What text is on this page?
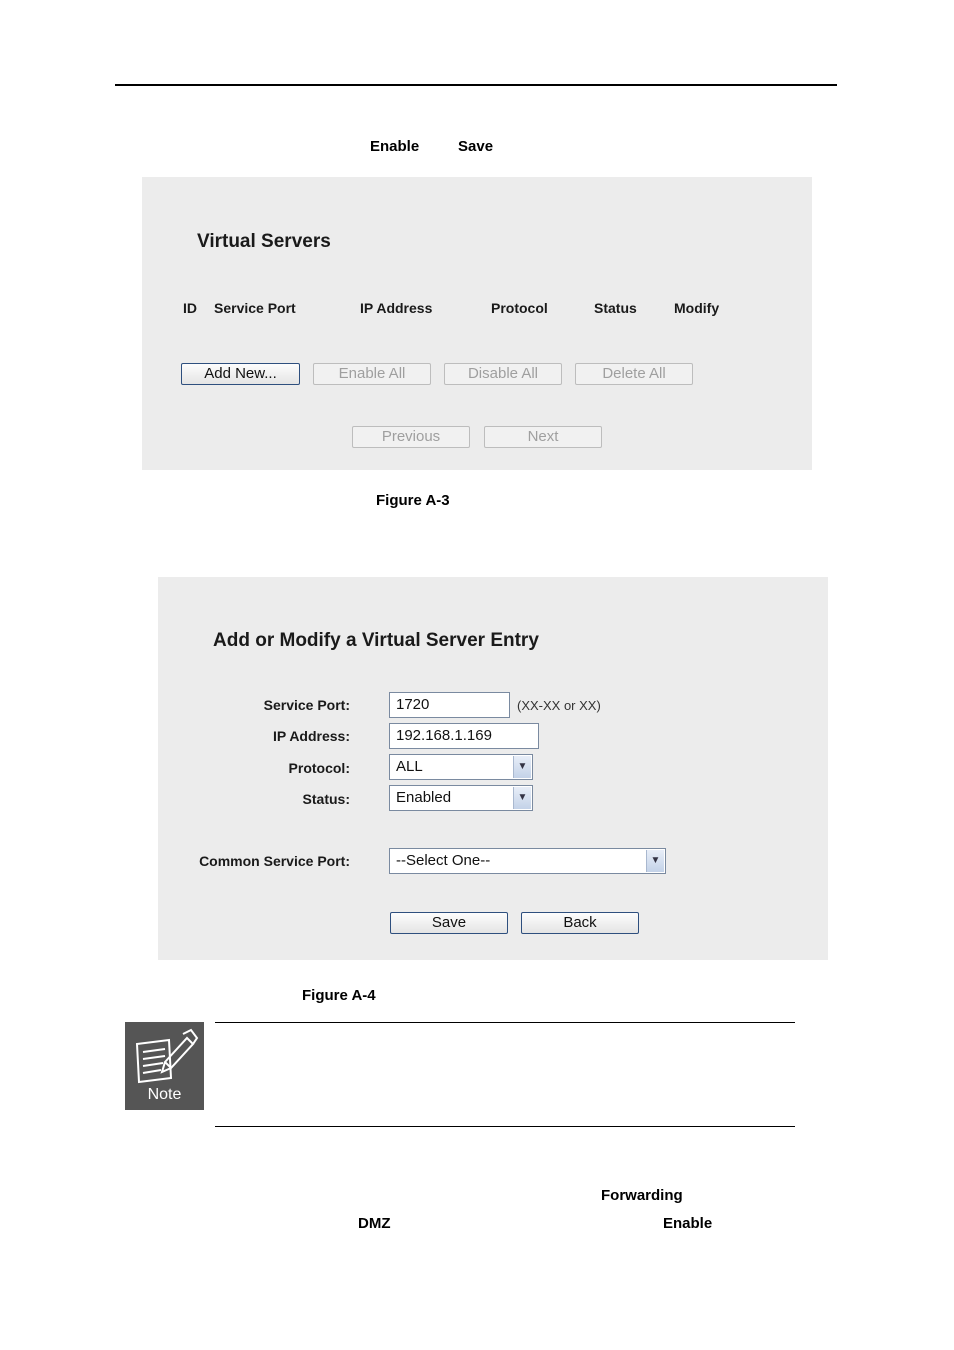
Enable	Save
Virtual Servers
ID Service Port	IP Address	Protocol	Status	Modify
Add New...	Enable All	Disable All	Delete All
Previous	Next
Figure A-3
Add or Modify a Virtual Server Entry
Service Port:	1720	(XX-XX or XX)
IP Address:	192.168.1.169
Protocol:	ALL	▼
Status:	Enabled	▼
Common Service Port:	--Select One--	▼
Save	Back
Figure A-4
Note
Forwarding
DMZ	Enable
